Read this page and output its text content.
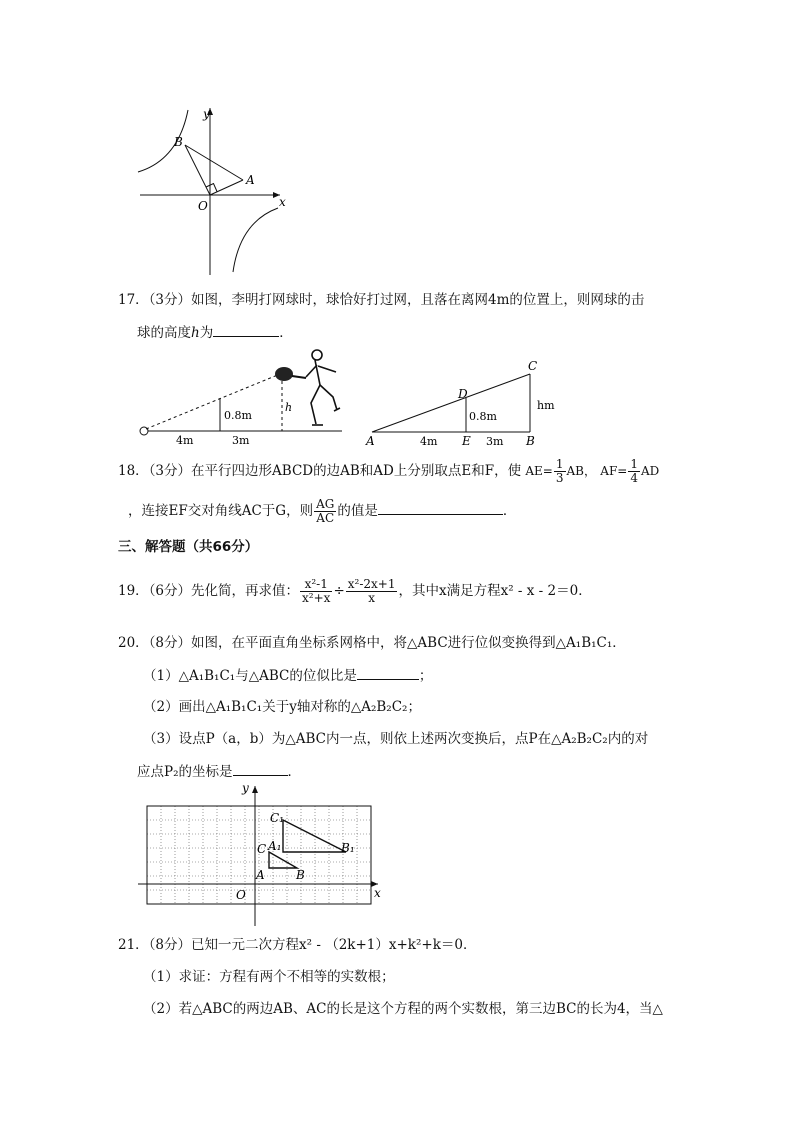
y
x
B
A
O
17．（3分）如图，李明打网球时，球恰好打过网，且落在离网4m的位置上，则网球的击
球的高度h为	．
0.8m
h
4m	3m
C
D
hm
0.8m
A	4m E 3m B
18．（3分）在平行四边形ABCD的边AB和AD上分别取点E和F，使 $AE= \frac{1}{3}$ AB， $AF= \frac{1}{4}$ AD
，连接EF交对角线AC于G，则 $\frac{AG}{AC}$ 的值是	．
三、解答题（共66分）
19．（6分）先化简，再求值： $\frac{\text{x²-1}}{\text{x²+x}} \div \frac{\text{x²-2x+1}}{x}$ ，其中x满足方程x² - x - 2＝0．
20．（8分）如图，在平面直角坐标系网格中，将△ABC进行位似变换得到△A₁B₁C₁．
（1）△A₁B₁C₁与△ABC的位似比是	；
（2）画出△A₁B₁C₁关于y轴对称的△A₂B₂C₂；
（3）设点P（a，b）为△ABC内一点，则依上述两次变换后，点P在△A₂B₂C₂内的对
应点P₂的坐标是	．
y
x
O
C₁
A₁	B₁
C
A	B
21．（8分）已知一元二次方程x² - （2k+1）x+k²+k＝0．
（1）求证：方程有两个不相等的实数根；
（2）若△ABC的两边AB、AC的长是这个方程的两个实数根，第三边BC的长为4，当△
